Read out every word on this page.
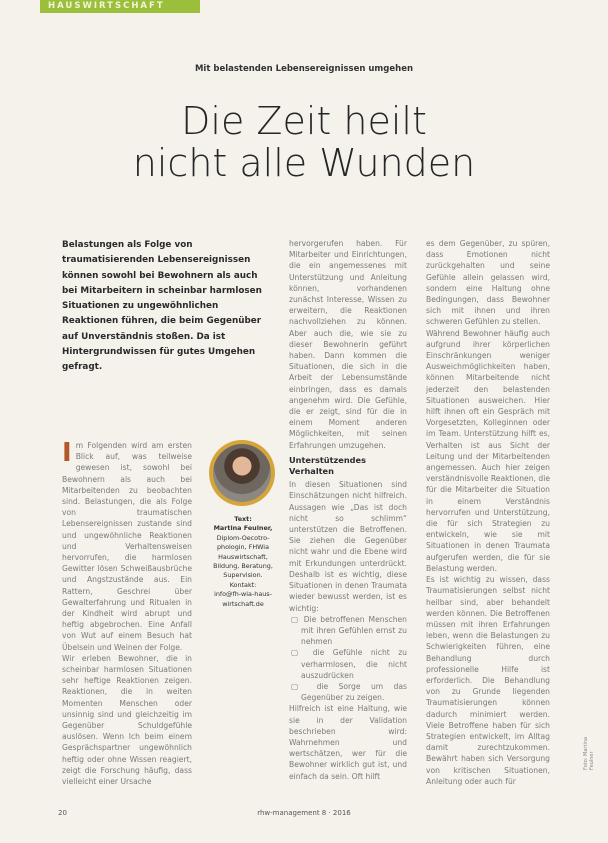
HAUSWIRTSCHAFT
Mit belastenden Lebensereignissen umgehen
Die Zeit heilt
nicht alle Wunden
Belastungen als Folge von traumatisierenden Lebensereignissen können sowohl bei Bewohnern als auch bei Mitarbeitern in scheinbar harmlosen Situationen zu ungewöhnlichen Reaktionen führen, die beim Gegenüber auf Unverständnis stoßen. Da ist Hintergrundwissen für gutes Umgehen gefragt.
Text:
Martina Feulner,
Diplom-Oecotro-
phologin, FHWia
Hauswirtschaft,
Bildung, Beratung,
Supervision.
Kontakt:
info@fh-wia-haus-
wirtschaft.de

Im Folgenden wird am ersten Blick auf, was teilweise gewesen ist, sowohl bei Bewohnern als auch bei Mitarbeitenden zu beobachten sind. Belastungen, die als Folge von traumatischen Lebensereignissen zustande sind und ungewöhnliche Reaktionen und Verhaltensweisen hervorrufen, die harmlosen Gewitter lösen Schweißausbrüche und Angstzustände aus. Ein Rattern, Geschrei über Gewalterfahrung und Ritualen in der Kindheit wird abrupt und heftig abgebrochen. Eine Anfall von Wut auf einem Besuch hat Übelsein und Weinen der Folge.

Wir erleben Bewohner, die in scheinbar harmlosen Situationen sehr heftige Reaktionen zeigen. Reaktionen, die in weiten Momenten Menschen oder unsinnig sind und gleichzeitig im Gegenüber Schuldgefühle auslösen. Wenn Ich beim einem Gesprächspartner ungewöhnlich heftig oder ohne Wissen reagiert, zeigt die Forschung häufig, dass vielleicht einer Ursache

hervorgerufen haben. Für Mitarbeiter und Einrichtungen, die ein angemessenes mit Unterstützung und Anleitung können, vorhandenen zunächst Interesse, Wissen zu erweitern, die Reaktionen nachvollziehen zu können. Aber auch die, wie sie zu dieser Bewohnerin geführt haben. Dann kommen die Situationen, die sich in die Arbeit der Lebensumstände einbringen, dass es damals angenehm wird. Die Gefühle, die er zeigt, sind für die in einem Moment anderen Möglichkeiten, mit seinen Erfahrungen umzugehen.

Unterstützendes Verhalten

In diesen Situationen sind Einschätzungen nicht hilfreich. Aussagen wie „Das ist doch nicht so schlimm“ unterstützen die Betroffenen. Sie ziehen die Gegenüber nicht wahr und die Ebene wird mit Erkundungen unterdrückt. Deshalb ist es wichtig, diese Situationen in denen Traumata wieder bewusst werden, ist es wichtig:

▢ Die betroffenen Menschen mit ihren Gefühlen ernst zu nehmen

▢ die Gefühle nicht zu verharmlosen, die nicht auszudrücken

▢ die Sorge um das Gegenüber zu zeigen.

Hilfreich ist eine Haltung, wie sie in der Validation beschrieben wird: Wahrnehmen und wertschätzen, wer für die Bewohner wirklich gut ist, und einfach da sein. Oft hilft

es dem Gegenüber, zu spüren, dass Emotionen nicht zurückgehalten und seine Gefühle allein gelassen wird, sondern eine Haltung ohne Bedingungen, dass Bewohner sich mit ihnen und ihren schweren Gefühlen zu stellen.

Während Bewohner häufig auch aufgrund ihrer körperlichen Einschränkungen weniger Ausweichmöglichkeiten haben, können Mitarbeitende nicht jederzeit den belastenden Situationen ausweichen. Hier hilft ihnen oft ein Gespräch mit Vorgesetzten, Kolleginnen oder im Team. Unterstützung hilft es, Verhalten ist aus Sicht der Leitung und der Mitarbeitenden angemessen. Auch hier zeigen verständnisvolle Reaktionen, die für die Mitarbeiter die Situation in einem Verständnis hervorrufen und Unterstützung, die für sich Strategien zu entwickeln, wie sie mit Situationen in denen Traumata aufgerufen werden, die für sie Belastung werden.

Es ist wichtig zu wissen, dass Traumatisierungen selbst nicht heilbar sind, aber behandelt werden können. Die Betroffenen müssen mit ihren Erfahrungen leben, wenn die Belastungen zu Schwierigkeiten führen, eine Behandlung durch professionelle Hilfe ist erforderlich. Die Behandlung von zu Grunde liegenden Traumatisierungen können dadurch minimiert werden. Viele Betroffene haben für sich Strategien entwickelt, im Alltag damit zurechtzukommen. Bewährt haben sich Versorgung von kritischen Situationen, Anleitung oder auch für

Foto: Martina Feulner
20	rhw-management 8 · 2016
